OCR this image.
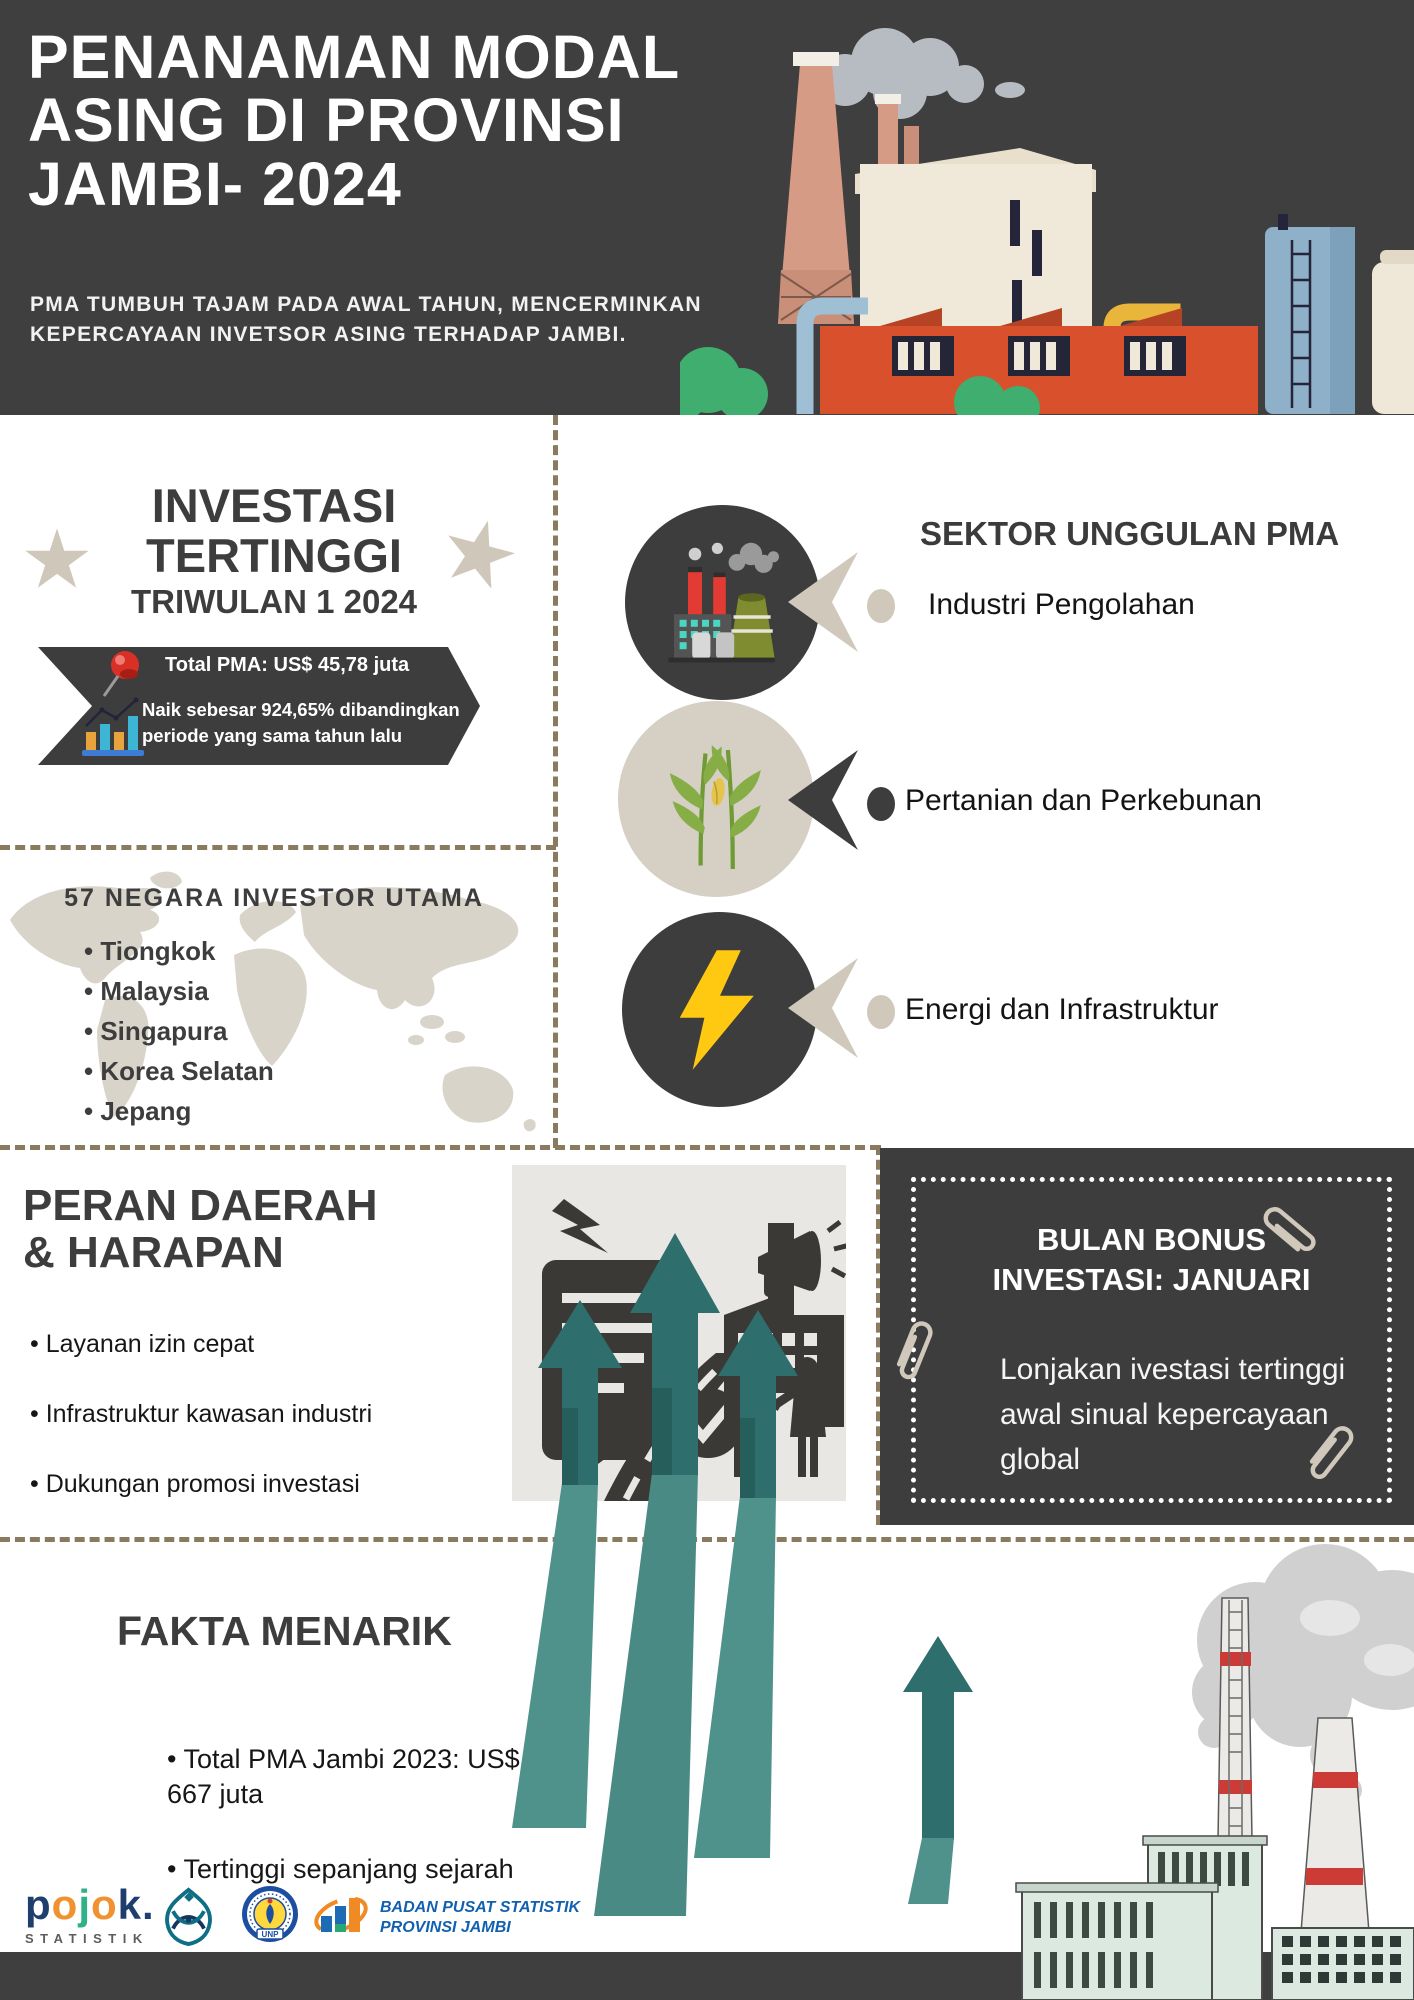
PENANAMAN MODAL
ASING DI PROVINSI
JAMBI- 2024
PMA TUMBUH TAJAM PADA AWAL TAHUN, MENCERMINKAN
KEPERCAYAAN INVETSOR ASING TERHADAP JAMBI.
INVESTASI
TERTINGGI
TRIWULAN 1 2024
Total PMA: US$ 45,78 juta
Naik sebesar 924,65% dibandingkan
periode yang sama tahun lalu
57 NEGARA INVESTOR UTAMA
• Tiongkok
• Malaysia
• Singapura
• Korea Selatan
• Jepang
SEKTOR UNGGULAN PMA
Industri Pengolahan
Pertanian dan Perkebunan
Energi dan Infrastruktur
PERAN DAERAH
& HARAPAN
• Layanan izin cepat
• Infrastruktur kawasan industri
• Dukungan promosi investasi
BULAN BONUS
INVESTASI: JANUARI
Lonjakan ivestasi tertinggi awal sinual kepercayaan global
FAKTA MENARIK
• Total PMA Jambi 2023: US$ 667 juta
• Tertinggi sepanjang sejarah
pojok.
STATISTIK	UNP
BADAN PUSAT STATISTIK
PROVINSI JAMBI
